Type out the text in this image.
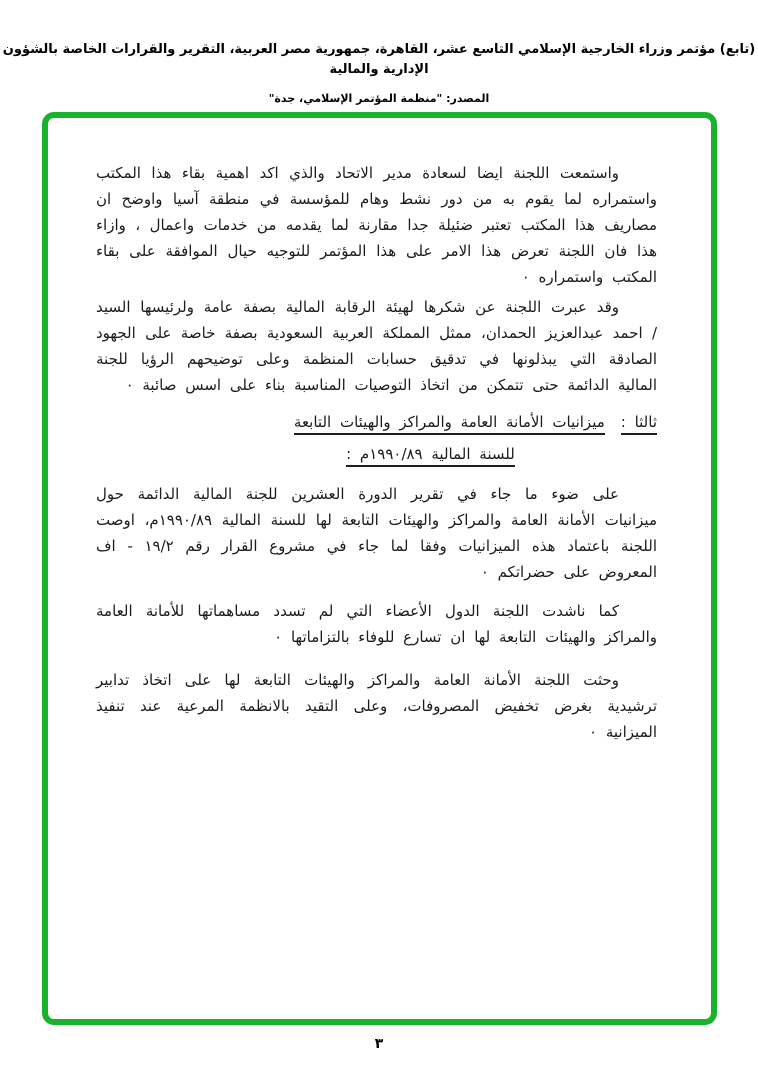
(تابع) مؤتمر وزراء الخارجية الإسلامي التاسع عشر، القاهرة، جمهورية مصر العربية، التقرير والقرارات الخاصة بالشؤون الإدارية والمالية
المصدر: "منظمة المؤتمر الإسلامي، جدة"

واستمعت اللجنة ايضا لسعادة مدير الاتحاد والذي اكد اهمية بقاء هذا المكتب واستمراره لما يقوم به من دور نشط وهام للمؤسسة في منطقة آسيا واوضح ان مصاريف هذا المكتب تعتبر ضئيلة جدا مقارنة لما يقدمه من خدمات واعمال ، وازاء هذا فان اللجنة تعرض هذا الامر على هذا المؤتمر للتوجيه حيال الموافقة على بقاء المكتب واستمراره ٠

وقد عبرت اللجنة عن شكرها لهيئة الرقابة المالية بصفة عامة ولرئيسها السيد / احمد عبدالعزيز الحمدان، ممثل المملكة العربية السعودية بصفة خاصة على الجهود الصادقة التي يبذلونها في تدقيق حسابات المنظمة وعلى توضيحهم الرؤيا للجنة المالية الدائمة حتى تتمكن من اتخاذ التوصيات المناسبة بناء على اسس صائبة ٠

ثالثا :
ميزانيات الأمانة العامة والمراكز والهيئات التابعة
للسنة المالية ١٩٩٠/٨٩م :

على ضوء ما جاء في تقرير الدورة العشرين للجنة المالية الدائمة حول ميزانيات الأمانة العامة والمراكز والهيئات التابعة لها للسنة المالية ١٩٩٠/٨٩م، اوصت اللجنة باعتماد هذه الميزانيات وفقا لما جاء في مشروع القرار رقم ١٩/٢ - اف المعروض على حضراتكم ٠

كما ناشدت اللجنة الدول الأعضاء التي لم تسدد مساهماتها للأمانة العامة والمراكز والهيئات التابعة لها ان تسارع للوفاء بالتزاماتها ٠

وحثت اللجنة الأمانة العامة والمراكز والهيئات التابعة لها على اتخاذ تدابير ترشيدية بغرض تخفيض المصروفات، وعلى التقيد بالانظمة المرعية عند تنفيذ الميزانية ٠

٣
